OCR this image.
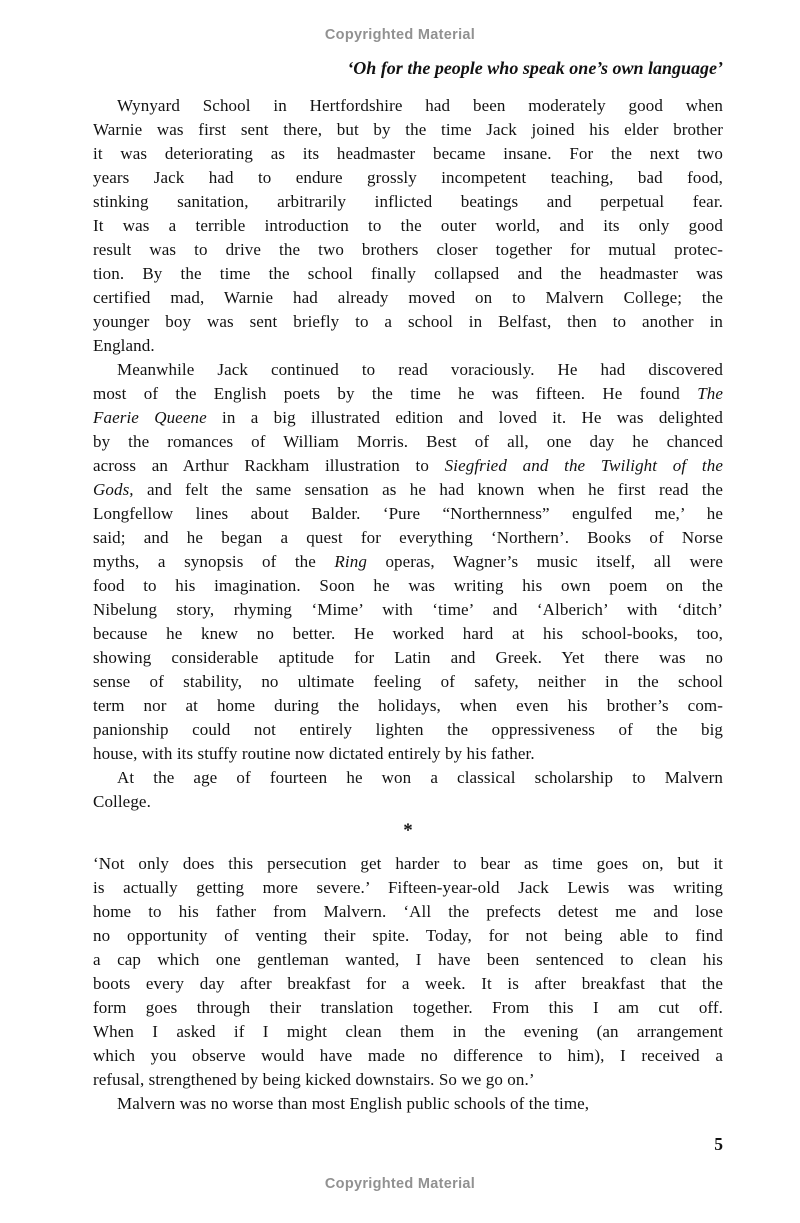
Copyrighted Material
‘Oh for the people who speak one’s own language’
Wynyard School in Hertfordshire had been moderately good when
Warnie was first sent there, but by the time Jack joined his elder brother
it was deteriorating as its headmaster became insane. For the next two
years Jack had to endure grossly incompetent teaching, bad food,
stinking sanitation, arbitrarily inflicted beatings and perpetual fear.
It was a terrible introduction to the outer world, and its only good
result was to drive the two brothers closer together for mutual protec-
tion. By the time the school finally collapsed and the headmaster was
certified mad, Warnie had already moved on to Malvern College; the
younger boy was sent briefly to a school in Belfast, then to another in
England.
Meanwhile Jack continued to read voraciously. He had discovered
most of the English poets by the time he was fifteen. He found The
Faerie Queene in a big illustrated edition and loved it. He was delighted
by the romances of William Morris. Best of all, one day he chanced
across an Arthur Rackham illustration to Siegfried and the Twilight of the
Gods, and felt the same sensation as he had known when he first read the
Longfellow lines about Balder. ‘Pure “Northernness” engulfed me,’ he
said; and he began a quest for everything ‘Northern’. Books of Norse
myths, a synopsis of the Ring operas, Wagner’s music itself, all were
food to his imagination. Soon he was writing his own poem on the
Nibelung story, rhyming ‘Mime’ with ‘time’ and ‘Alberich’ with ‘ditch’
because he knew no better. He worked hard at his school-books, too,
showing considerable aptitude for Latin and Greek. Yet there was no
sense of stability, no ultimate feeling of safety, neither in the school
term nor at home during the holidays, when even his brother’s com-
panionship could not entirely lighten the oppressiveness of the big
house, with its stuffy routine now dictated entirely by his father.
At the age of fourteen he won a classical scholarship to Malvern
College.
*
‘Not only does this persecution get harder to bear as time goes on, but it
is actually getting more severe.’ Fifteen-year-old Jack Lewis was writing
home to his father from Malvern. ‘All the prefects detest me and lose
no opportunity of venting their spite. Today, for not being able to find
a cap which one gentleman wanted, I have been sentenced to clean his
boots every day after breakfast for a week. It is after breakfast that the
form goes through their translation together. From this I am cut off.
When I asked if I might clean them in the evening (an arrangement
which you observe would have made no difference to him), I received a
refusal, strengthened by being kicked downstairs. So we go on.’
Malvern was no worse than most English public schools of the time,
5
Copyrighted Material
